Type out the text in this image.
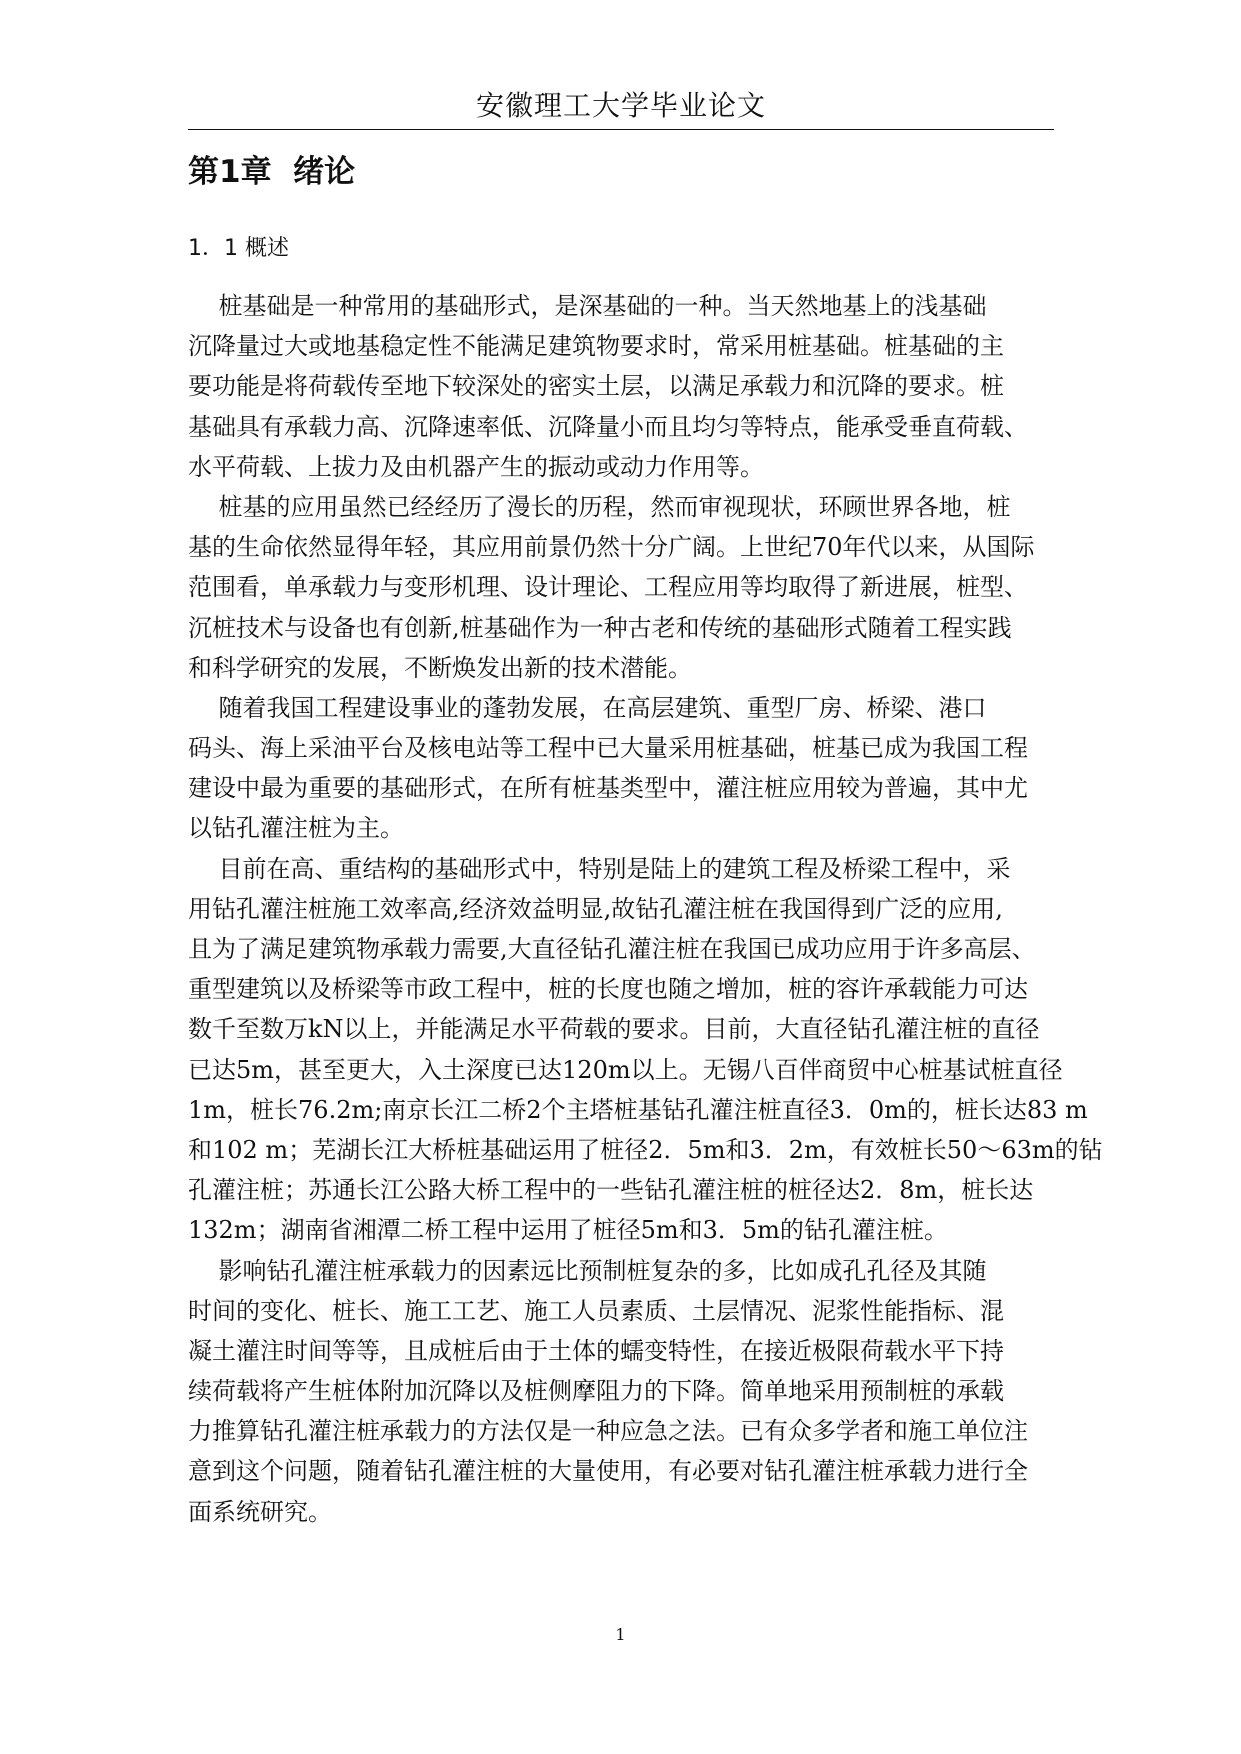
安徽理工大学毕业论文
第1章  绪论
1．1 概述
桩基础是一种常用的基础形式，是深基础的一种。当天然地基上的浅基础
沉降量过大或地基稳定性不能满足建筑物要求时，常采用桩基础。桩基础的主
要功能是将荷载传至地下较深处的密实土层，以满足承载力和沉降的要求。桩
基础具有承载力高、沉降速率低、沉降量小而且均匀等特点，能承受垂直荷载、
水平荷载、上拔力及由机器产生的振动或动力作用等。
桩基的应用虽然已经经历了漫长的历程，然而审视现状，环顾世界各地，桩
基的生命依然显得年轻，其应用前景仍然十分广阔。上世纪70年代以来，从国际
范围看，单承载力与变形机理、设计理论、工程应用等均取得了新进展，桩型、
沉桩技术与设备也有创新,桩基础作为一种古老和传统的基础形式随着工程实践
和科学研究的发展，不断焕发出新的技术潜能。
随着我国工程建设事业的蓬勃发展，在高层建筑、重型厂房、桥梁、港口
码头、海上采油平台及核电站等工程中已大量采用桩基础，桩基已成为我国工程
建设中最为重要的基础形式，在所有桩基类型中，灌注桩应用较为普遍，其中尤
以钻孔灌注桩为主。
目前在高、重结构的基础形式中，特别是陆上的建筑工程及桥梁工程中，采
用钻孔灌注桩施工效率高,经济效益明显,故钻孔灌注桩在我国得到广泛的应用,
且为了满足建筑物承载力需要,大直径钻孔灌注桩在我国已成功应用于许多高层、
重型建筑以及桥梁等市政工程中，桩的长度也随之增加，桩的容许承载能力可达
数千至数万kN以上，并能满足水平荷载的要求。目前，大直径钻孔灌注桩的直径
已达5m，甚至更大，入土深度已达120m以上。无锡八百伴商贸中心桩基试桩直径
1m，桩长76.2m;南京长江二桥2个主塔桩基钻孔灌注桩直径3．0m的，桩长达83 m
和102 m；芜湖长江大桥桩基础运用了桩径2．5m和3．2m，有效桩长50～63m的钻
孔灌注桩；苏通长江公路大桥工程中的一些钻孔灌注桩的桩径达2．8m，桩长达
132m；湖南省湘潭二桥工程中运用了桩径5m和3．5m的钻孔灌注桩。
影响钻孔灌注桩承载力的因素远比预制桩复杂的多，比如成孔孔径及其随
时间的变化、桩长、施工工艺、施工人员素质、土层情况、泥浆性能指标、混
凝土灌注时间等等，且成桩后由于土体的蠕变特性，在接近极限荷载水平下持
续荷载将产生桩体附加沉降以及桩侧摩阻力的下降。简单地采用预制桩的承载
力推算钻孔灌注桩承载力的方法仅是一种应急之法。已有众多学者和施工单位注
意到这个问题，随着钻孔灌注桩的大量使用，有必要对钻孔灌注桩承载力进行全
面系统研究。
1
